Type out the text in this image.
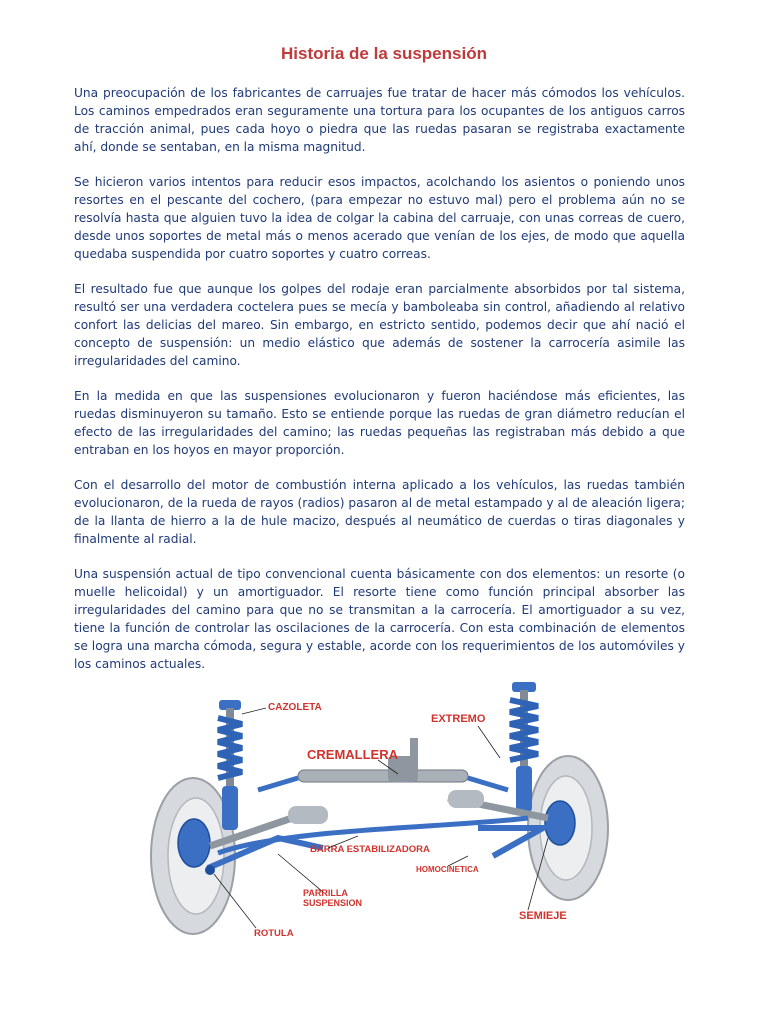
Historia de la suspensión

Una preocupación de los fabricantes de carruajes fue tratar de hacer más cómodos los vehículos. Los caminos empedrados eran seguramente una tortura para los ocupantes de los antiguos carros de tracción animal, pues cada hoyo o piedra que las ruedas pasaran se registraba exactamente ahí, donde se sentaban, en la misma magnitud.

Se hicieron varios intentos para reducir esos impactos, acolchando los asientos o poniendo unos resortes en el pescante del cochero, (para empezar no estuvo mal) pero el problema aún no se resolvía hasta que alguien tuvo la idea de colgar la cabina del carruaje, con unas correas de cuero, desde unos soportes de metal más o menos acerado que venían de los ejes, de modo que aquella quedaba suspendida por cuatro soportes y cuatro correas.

El resultado fue que aunque los golpes del rodaje eran parcialmente absorbidos por tal sistema, resultó ser una verdadera coctelera pues se mecía y bamboleaba sin control, añadiendo al relativo confort las delicias del mareo. Sin embargo, en estricto sentido, podemos decir que ahí nació el concepto de suspensión: un medio elástico que además de sostener la carrocería asimile las irregularidades del camino.

En la medida en que las suspensiones evolucionaron y fueron haciéndose más eficientes, las ruedas disminuyeron su tamaño. Esto se entiende porque las ruedas de gran diámetro reducían el efecto de las irregularidades del camino; las ruedas pequeñas las registraban más debido a que entraban en los hoyos en mayor proporción.

Con el desarrollo del motor de combustión interna aplicado a los vehículos, las ruedas también evolucionaron, de la rueda de rayos (radios) pasaron al de metal estampado y al de aleación ligera; de la llanta de hierro a la de hule macizo, después al neumático de cuerdas o tiras diagonales y finalmente al radial.

Una suspensión actual de tipo convencional cuenta básicamente con dos elementos: un resorte (o muelle helicoidal) y un amortiguador. El resorte tiene como función principal absorber las irregularidades del camino para que no se transmitan a la carrocería. El amortiguador a su vez, tiene la función de controlar las oscilaciones de la carrocería. Con esta combinación de elementos se logra una marcha cómoda, segura y estable, acorde con los requerimientos de los automóviles y los caminos actuales.

CAZOLETA
EXTREMO
CREMALLERA
BARRA ESTABILIZADORA
HOMOCINETICA
PARRILLA
SUSPENSION
SEMIEJE
ROTULA
